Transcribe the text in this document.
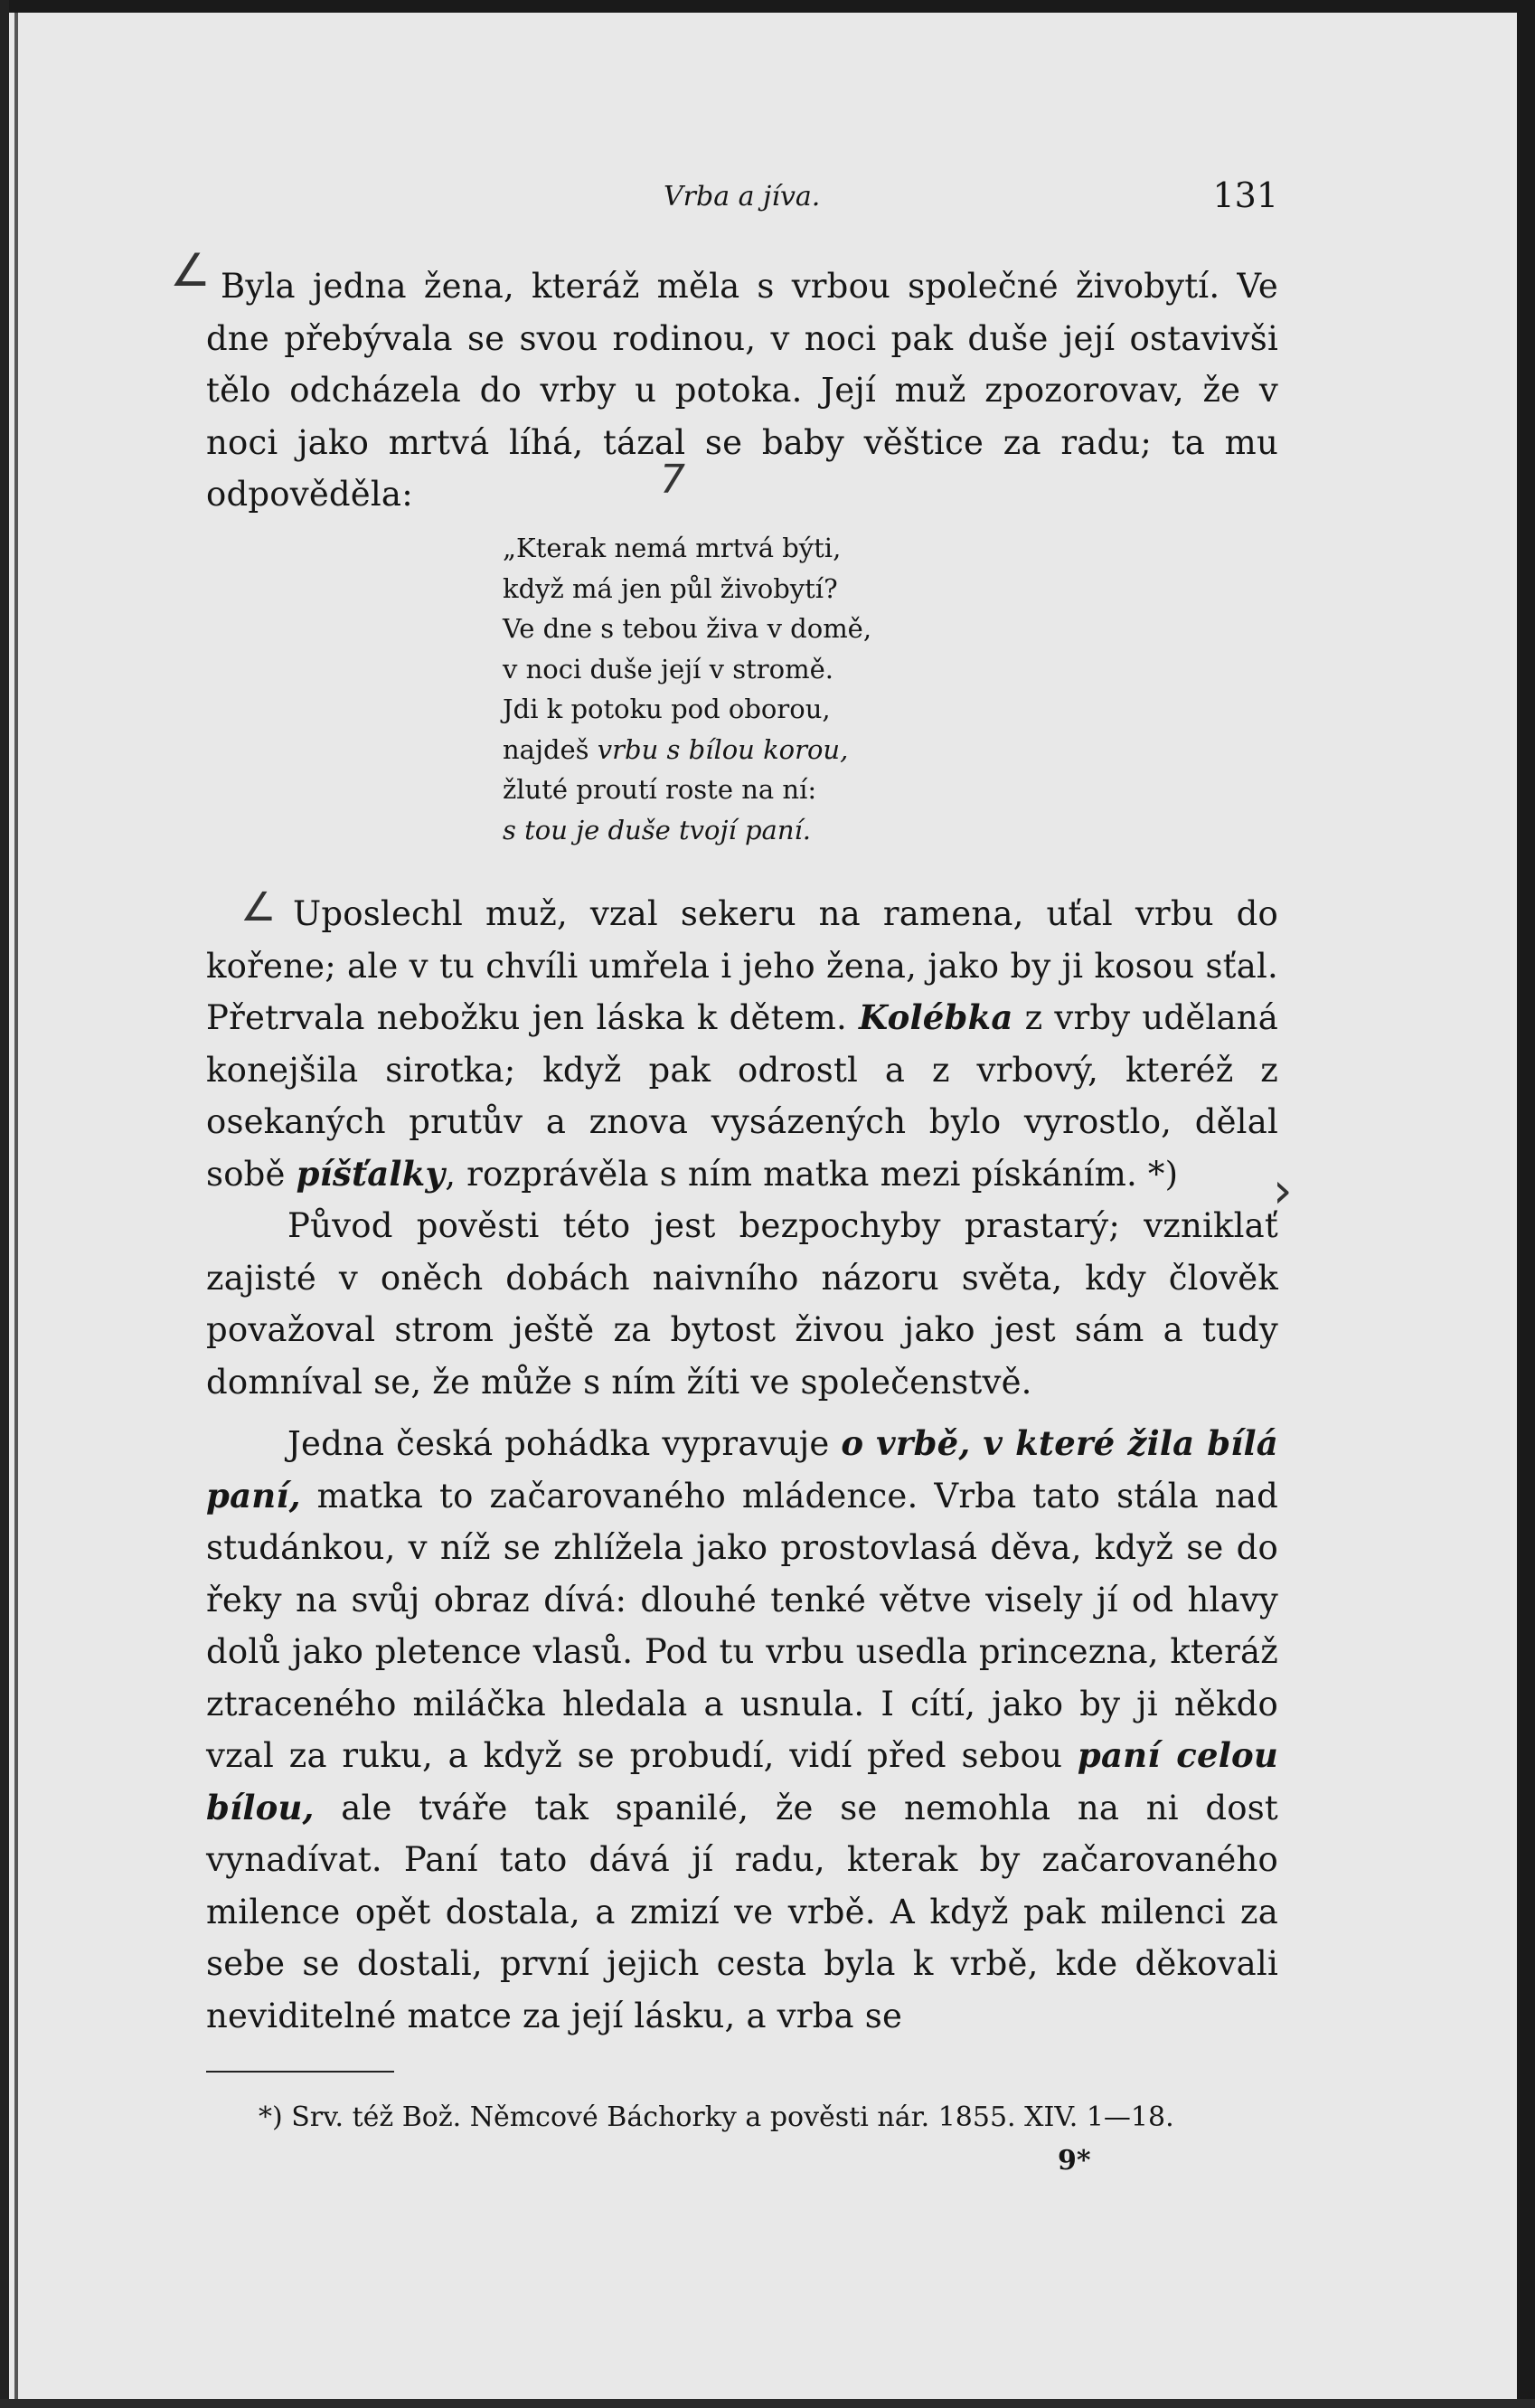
Vrba a jíva.	131
∠
7
∠
›

Byla jedna žena, kteráž měla s vrbou společné živobytí. Ve dne přebývala se svou rodinou, v noci pak duše její ostavivši tělo odcházela do vrby u potoka. Její muž zpozorovav, že v noci jako mrtvá líhá, tázal se baby věštice za radu; ta mu odpověděla:

„Kterak nemá mrtvá býti,
když má jen půl živobytí?
Ve dne s tebou živa v domě,
v noci duše její v stromě.
Jdi k potoku pod oborou,
najdeš vrbu s bílou korou,
žluté proutí roste na ní:
s tou je duše tvojí paní.

Uposlechl muž, vzal sekeru na ramena, uťal vrbu do kořene; ale v tu chvíli umřela i jeho žena, jako by ji kosou sťal. Přetrvala nebožku jen láska k dětem. Kolébka z vrby udělaná konejšila sirotka; když pak odrostl a z vrbový, kteréž z osekaných prutův a znova vysázených bylo vyrostlo, dělal sobě píšťalky, rozprávěla s ním matka mezi pískáním. *)

Původ pověsti této jest bezpochyby prastarý; vzniklať zajisté v oněch dobách naivního názoru světa, kdy člověk považoval strom ještě za bytost živou jako jest sám a tudy domníval se, že může s ním žíti ve společenstvě.

Jedna česká pohádka vypravuje o vrbě, v které žila bílá paní, matka to začarovaného mládence. Vrba tato stála nad studánkou, v níž se zhlížela jako prostovlasá děva, když se do řeky na svůj obraz dívá: dlouhé tenké větve visely jí od hlavy dolů jako pletence vlasů. Pod tu vrbu usedla princezna, kteráž ztraceného miláčka hledala a usnula. I cítí, jako by ji někdo vzal za ruku, a když se probudí, vidí před sebou paní celou bílou, ale tváře tak spanilé, že se nemohla na ni dost vynadívat. Paní tato dává jí radu, kterak by začarovaného milence opět dostala, a zmizí ve vrbě. A když pak milenci za sebe se dostali, první jejich cesta byla k vrbě, kde děkovali neviditelné matce za její lásku, a vrba se

*) Srv. též Bož. Němcové Báchorky a pověsti nár. 1855. XIV. 1—18.
9*
